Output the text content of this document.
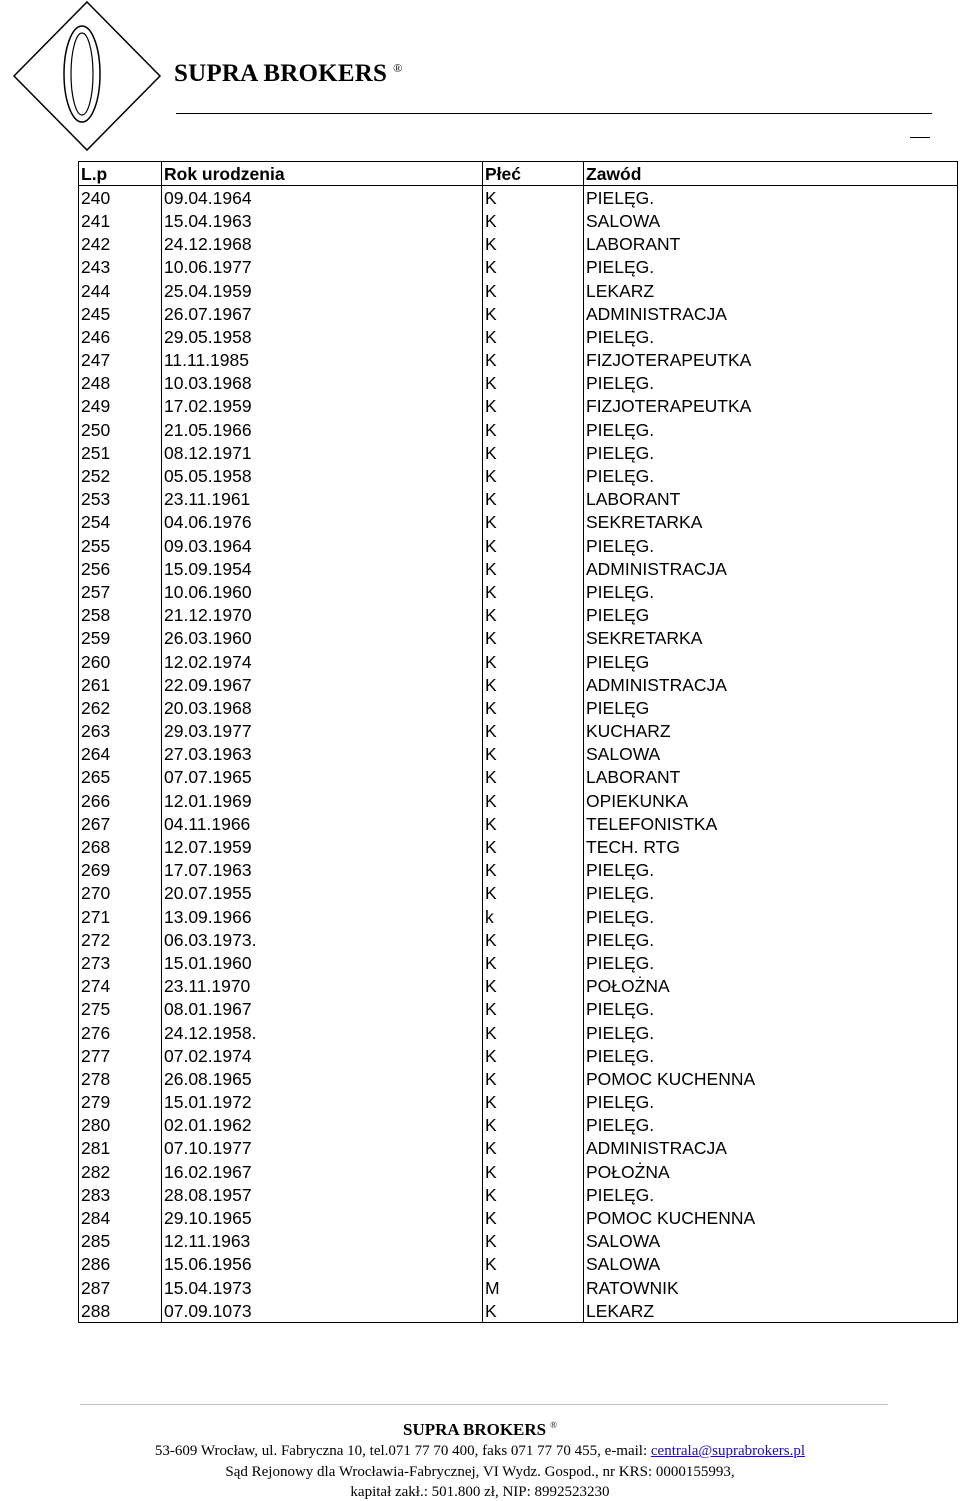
SUPRA BROKERS ®
L.p	Rok urodzenia	Płeć	Zawód
240	09.04.1964	K	PIELĘG.
241	15.04.1963	K	SALOWA
242	24.12.1968	K	LABORANT
243	10.06.1977	K	PIELĘG.
244	25.04.1959	K	LEKARZ
245	26.07.1967	K	ADMINISTRACJA
246	29.05.1958	K	PIELĘG.
247	11.11.1985	K	FIZJOTERAPEUTKA
248	10.03.1968	K	PIELĘG.
249	17.02.1959	K	FIZJOTERAPEUTKA
250	21.05.1966	K	PIELĘG.
251	08.12.1971	K	PIELĘG.
252	05.05.1958	K	PIELĘG.
253	23.11.1961	K	LABORANT
254	04.06.1976	K	SEKRETARKA
255	09.03.1964	K	PIELĘG.
256	15.09.1954	K	ADMINISTRACJA
257	10.06.1960	K	PIELĘG.
258	21.12.1970	K	PIELĘG
259	26.03.1960	K	SEKRETARKA
260	12.02.1974	K	PIELĘG
261	22.09.1967	K	ADMINISTRACJA
262	20.03.1968	K	PIELĘG
263	29.03.1977	K	KUCHARZ
264	27.03.1963	K	SALOWA
265	07.07.1965	K	LABORANT
266	12.01.1969	K	OPIEKUNKA
267	04.11.1966	K	TELEFONISTKA
268	12.07.1959	K	TECH. RTG
269	17.07.1963	K	PIELĘG.
270	20.07.1955	K	PIELĘG.
271	13.09.1966	k	PIELĘG.
272	06.03.1973.	K	PIELĘG.
273	15.01.1960	K	PIELĘG.
274	23.11.1970	K	POŁOŻNA
275	08.01.1967	K	PIELĘG.
276	24.12.1958.	K	PIELĘG.
277	07.02.1974	K	PIELĘG.
278	26.08.1965	K	POMOC KUCHENNA
279	15.01.1972	K	PIELĘG.
280	02.01.1962	K	PIELĘG.
281	07.10.1977	K	ADMINISTRACJA
282	16.02.1967	K	POŁOŻNA
283	28.08.1957	K	PIELĘG.
284	29.10.1965	K	POMOC KUCHENNA
285	12.11.1963	K	SALOWA
286	15.06.1956	K	SALOWA
287	15.04.1973	M	RATOWNIK
288	07.09.1073	K	LEKARZ
SUPRA BROKERS ®
53-609 Wrocław, ul. Fabryczna 10, tel.071 77 70 400, faks 071 77 70 455, e-mail: centrala@suprabrokers.pl
Sąd Rejonowy dla Wrocławia-Fabrycznej, VI Wydz. Gospod., nr KRS: 0000155993,
kapitał zakł.: 501.800 zł, NIP: 8992523230
